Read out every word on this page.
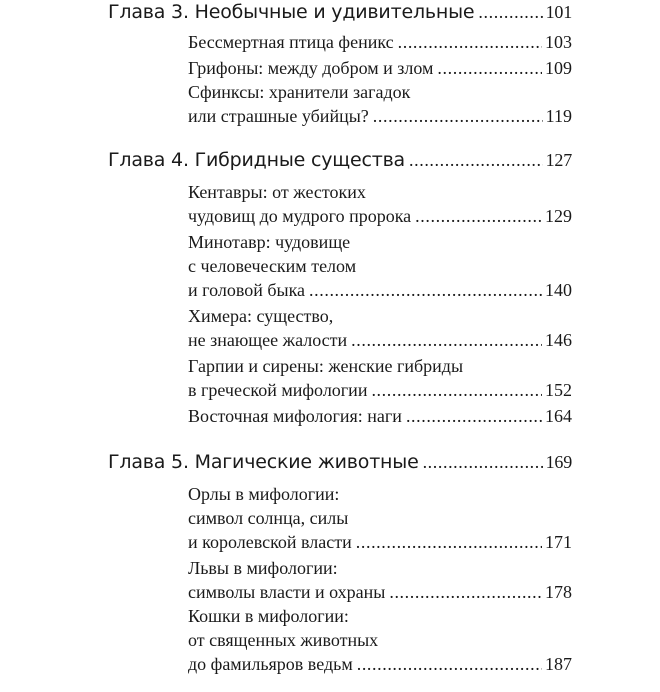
Глава 3. Необычные и удивительные .....	101
Бессмертная птица феникс .....	103
Грифоны: между добром и злом .....	109
Сфинксы: хранители загадок
или страшные убийцы? .....	119
Глава 4. Гибридные существа .....	127
Кентавры: от жестоких
чудовищ до мудрого пророка .....	129
Минотавр: чудовище
с человеческим телом
и головой быка .....	140
Химера: существо,
не знающее жалости .....	146
Гарпии и сирены: женские гибриды
в греческой мифологии .....	152
Восточная мифология: наги .....	164
Глава 5. Магические животные .....	169
Орлы в мифологии:
символ солнца, силы
и королевской власти .....	171
Львы в мифологии:
символы власти и охраны .....	178
Кошки в мифологии:
от священных животных
до фамильяров ведьм .....	187
